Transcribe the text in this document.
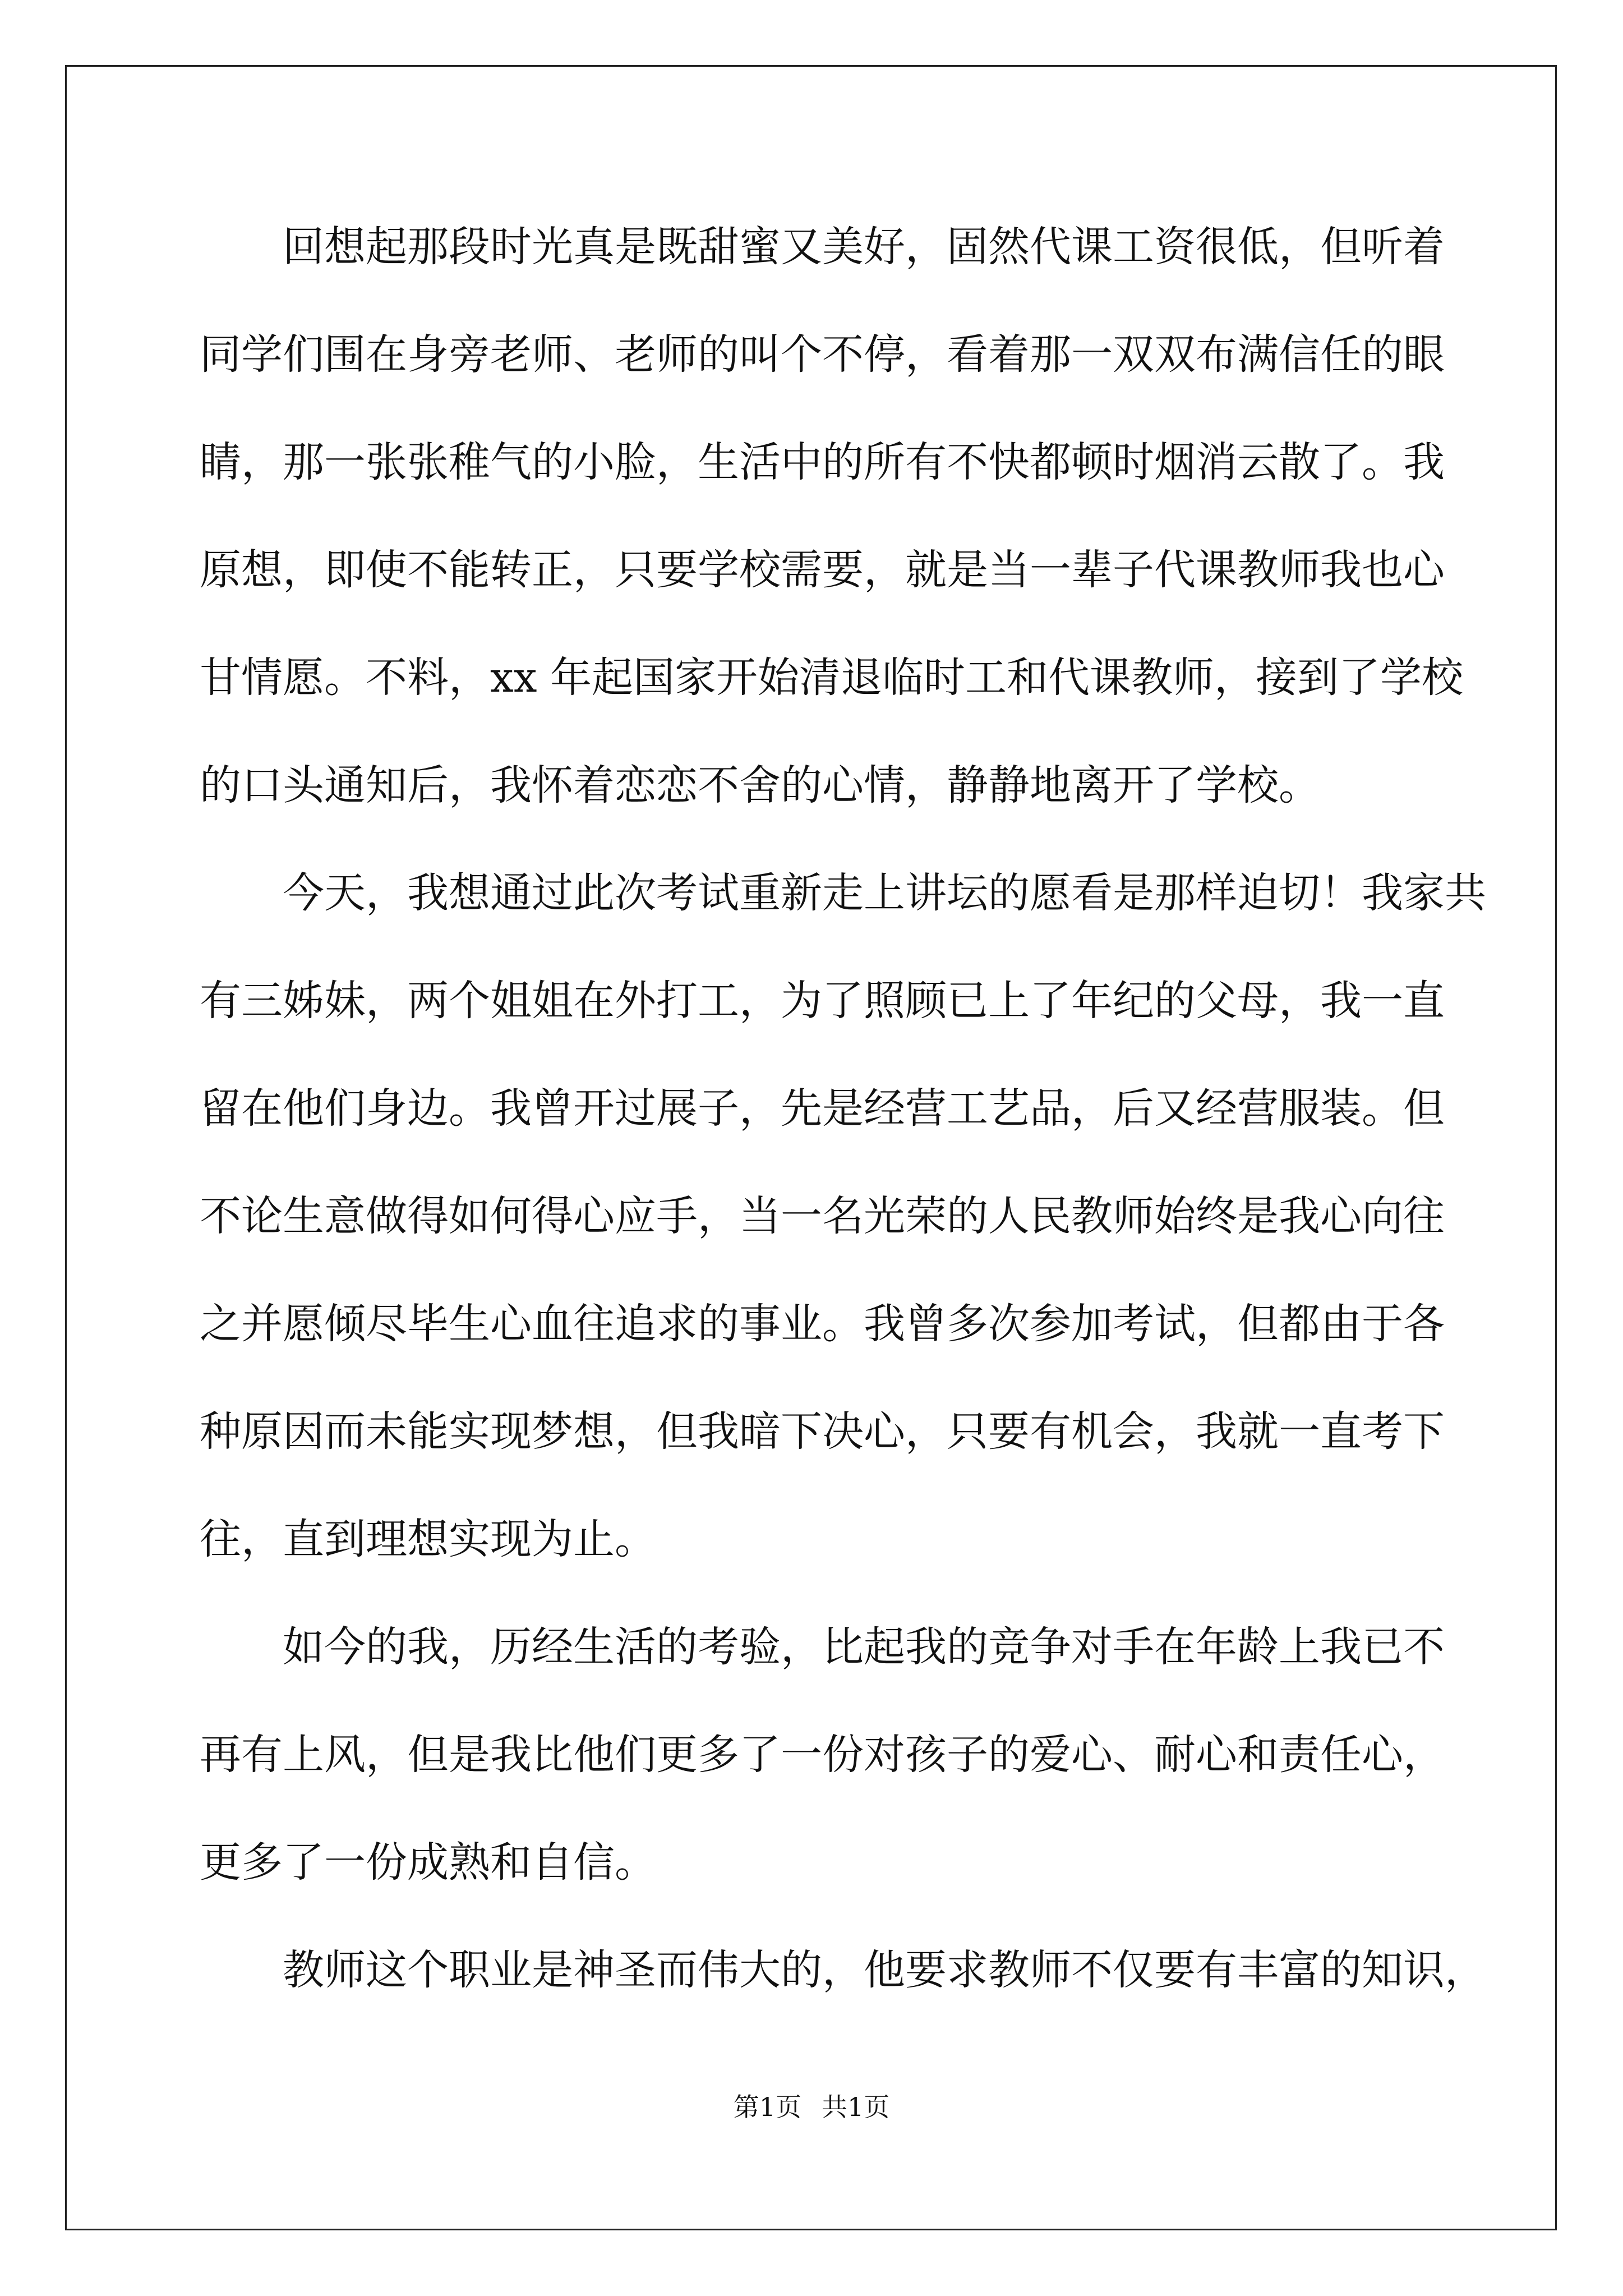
回想起那段时光真是既甜蜜又美好，固然代课工资很低，但听着
同学们围在身旁老师、老师的叫个不停，看着那一双双布满信任的眼
睛，那一张张稚气的小脸，生活中的所有不快都顿时烟消云散了。我
原想，即使不能转正，只要学校需要，就是当一辈子代课教师我也心
甘情愿。不料，xx 年起国家开始清退临时工和代课教师，接到了学校
的口头通知后，我怀着恋恋不舍的心情，静静地离开了学校。
今天，我想通过此次考试重新走上讲坛的愿看是那样迫切！我家共
有三姊妹，两个姐姐在外打工，为了照顾已上了年纪的父母，我一直
留在他们身边。我曾开过展子，先是经营工艺品，后又经营服装。但
不论生意做得如何得心应手，当一名光荣的人民教师始终是我心向往
之并愿倾尽毕生心血往追求的事业。我曾多次参加考试，但都由于各
种原因而未能实现梦想，但我暗下决心，只要有机会，我就一直考下
往，直到理想实现为止。
如今的我，历经生活的考验，比起我的竞争对手在年龄上我已不
再有上风，但是我比他们更多了一份对孩子的爱心、耐心和责任心，
更多了一份成熟和自信。
教师这个职业是神圣而伟大的，他要求教师不仅要有丰富的知识，
第1页 共1页
